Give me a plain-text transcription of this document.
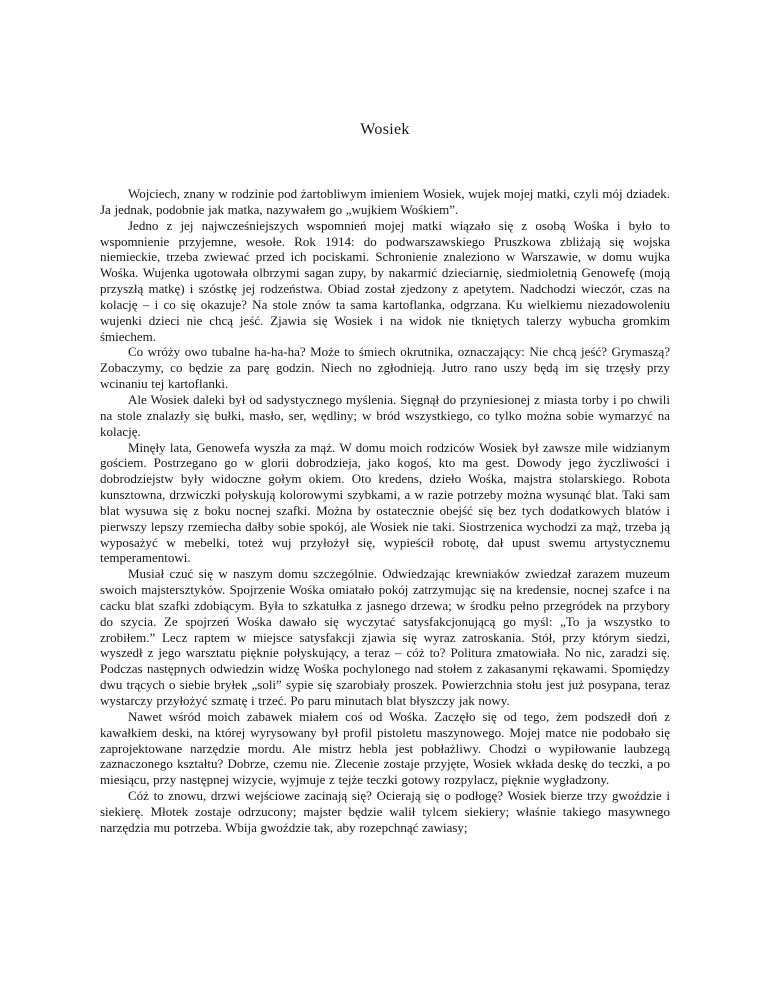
Wosiek

Wojciech, znany w rodzinie pod żartobliwym imieniem Wosiek, wujek mojej matki, czyli mój dziadek. Ja jednak, podobnie jak matka, nazywałem go „wujkiem Wośkiem”.

Jedno z jej najwcześniejszych wspomnień mojej matki wiązało się z osobą Wośka i było to wspomnienie przyjemne, wesołe. Rok 1914: do podwarszawskiego Pruszkowa zbliżają się wojska niemieckie, trzeba zwiewać przed ich pociskami. Schronienie znaleziono w Warszawie, w domu wujka Wośka. Wujenka ugotowała olbrzymi sagan zupy, by nakarmić dzieciarnię, siedmioletnią Genowefę (moją przyszłą matkę) i szóstkę jej rodzeństwa. Obiad został zjedzony z apetytem. Nadchodzi wieczór, czas na kolację – i co się okazuje? Na stole znów ta sama kartoflanka, odgrzana. Ku wielkiemu niezadowoleniu wujenki dzieci nie chcą jeść. Zjawia się Wosiek i na widok nie tkniętych talerzy wybucha gromkim śmiechem.

Co wróży owo tubalne ha-ha-ha? Może to śmiech okrutnika, oznaczający: Nie chcą jeść? Grymaszą? Zobaczymy, co będzie za parę godzin. Niech no zgłodnieją. Jutro rano uszy będą im się trzęsły przy wcinaniu tej kartoflanki.

Ale Wosiek daleki był od sadystycznego myślenia. Sięgnął do przyniesionej z miasta torby i po chwili na stole znalazły się bułki, masło, ser, wędliny; w bród wszystkiego, co tylko można sobie wymarzyć na kolację.

Minęły lata, Genowefa wyszła za mąż. W domu moich rodziców Wosiek był zawsze mile widzianym gościem. Postrzegano go w glorii dobrodzieja, jako kogoś, kto ma gest. Dowody jego życzliwości i dobrodziejstw były widoczne gołym okiem. Oto kredens, dzieło Wośka, majstra stolarskiego. Robota kunsztowna, drzwiczki połyskują kolorowymi szybkami, a w razie potrzeby można wysunąć blat. Taki sam blat wysuwa się z boku nocnej szafki. Można by ostatecznie obejść się bez tych dodatkowych blatów i pierwszy lepszy rzemiecha dałby sobie spokój, ale Wosiek nie taki. Siostrzenica wychodzi za mąż, trzeba ją wyposażyć w mebelki, toteż wuj przyłożył się, wypieścił robotę, dał upust swemu artystycznemu temperamentowi.

Musiał czuć się w naszym domu szczególnie. Odwiedzając krewniaków zwiedzał zarazem muzeum swoich majstersztyków. Spojrzenie Wośka omiatało pokój zatrzymując się na kredensie, nocnej szafce i na cacku blat szafki zdobiącym. Była to szkatułka z jasnego drzewa; w środku pełno przegródek na przybory do szycia. Ze spojrzeń Wośka dawało się wyczytać satysfakcjonującą go myśl: „To ja wszystko to zrobiłem.” Lecz raptem w miejsce satysfakcji zjawia się wyraz zatroskania. Stół, przy którym siedzi, wyszedł z jego warsztatu pięknie połyskujący, a teraz – cóż to? Politura zmatowiała. No nic, zaradzi się. Podczas następnych odwiedzin widzę Wośka pochylonego nad stołem z zakasanymi rękawami. Spomiędzy dwu trących o siebie bryłek „soli” sypie się szarobiały proszek. Powierzchnia stołu jest już posypana, teraz wystarczy przyłożyć szmatę i trzeć. Po paru minutach blat błyszczy jak nowy.

Nawet wśród moich zabawek miałem coś od Wośka. Zaczęło się od tego, żem podszedł doń z kawałkiem deski, na której wyrysowany był profil pistoletu maszynowego. Mojej matce nie podobało się zaprojektowane narzędzie mordu. Ale mistrz hebla jest pobłażliwy. Chodzi o wypiłowanie laubzegą zaznaczonego kształtu? Dobrze, czemu nie. Zlecenie zostaje przyjęte, Wosiek wkłada deskę do teczki, a po miesiącu, przy następnej wizycie, wyjmuje z tejże teczki gotowy rozpylacz, pięknie wygładzony.

Cóż to znowu, drzwi wejściowe zacinają się? Ocierają się o podłogę? Wosiek bierze trzy gwoździe i siekierę. Młotek zostaje odrzucony; majster będzie walił tylcem siekiery; właśnie takiego masywnego narzędzia mu potrzeba. Wbija gwoździe tak, aby rozepchnąć zawiasy;
